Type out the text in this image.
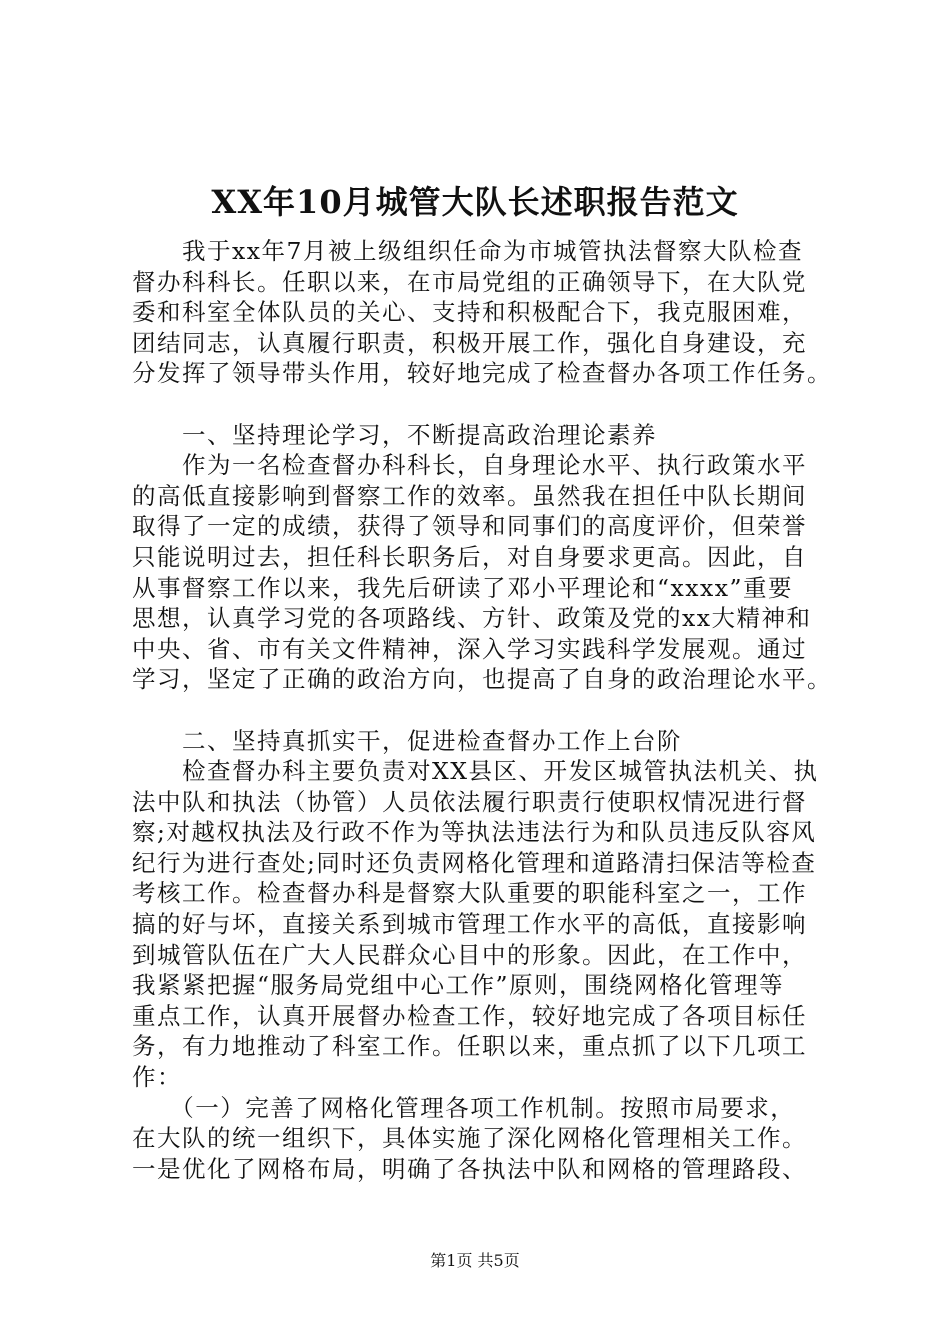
XX年10月城管大队长述职报告范文
　　我于xx年7月被上级组织任命为市城管执法督察大队检查
督办科科长。任职以来，在市局党组的正确领导下，在大队党
委和科室全体队员的关心、支持和积极配合下，我克服困难，
团结同志，认真履行职责，积极开展工作，强化自身建设，充
分发挥了领导带头作用，较好地完成了检查督办各项工作任务。
　　一、坚持理论学习，不断提高政治理论素养
　　作为一名检查督办科科长，自身理论水平、执行政策水平
的高低直接影响到督察工作的效率。虽然我在担任中队长期间
取得了一定的成绩，获得了领导和同事们的高度评价，但荣誉
只能说明过去，担任科长职务后，对自身要求更高。因此，自
从事督察工作以来，我先后研读了邓小平理论和“xxxx”重要
思想，认真学习党的各项路线、方针、政策及党的xx大精神和
中央、省、市有关文件精神，深入学习实践科学发展观。通过
学习，坚定了正确的政治方向，也提高了自身的政治理论水平。
　　二、坚持真抓实干，促进检查督办工作上台阶
　　检查督办科主要负责对XX县区、开发区城管执法机关、执
法中队和执法（协管）人员依法履行职责行使职权情况进行督
察;对越权执法及行政不作为等执法违法行为和队员违反队容风
纪行为进行查处;同时还负责网格化管理和道路清扫保洁等检查
考核工作。检查督办科是督察大队重要的职能科室之一，工作
搞的好与坏，直接关系到城市管理工作水平的高低，直接影响
到城管队伍在广大人民群众心目中的形象。因此，在工作中，
我紧紧把握“服务局党组中心工作”原则，围绕网格化管理等
重点工作，认真开展督办检查工作，较好地完成了各项目标任
务，有力地推动了科室工作。任职以来，重点抓了以下几项工
作：
　　（一）完善了网格化管理各项工作机制。按照市局要求，
在大队的统一组织下，具体实施了深化网格化管理相关工作。
一是优化了网格布局，明确了各执法中队和网格的管理路段、
第1页 共5页
